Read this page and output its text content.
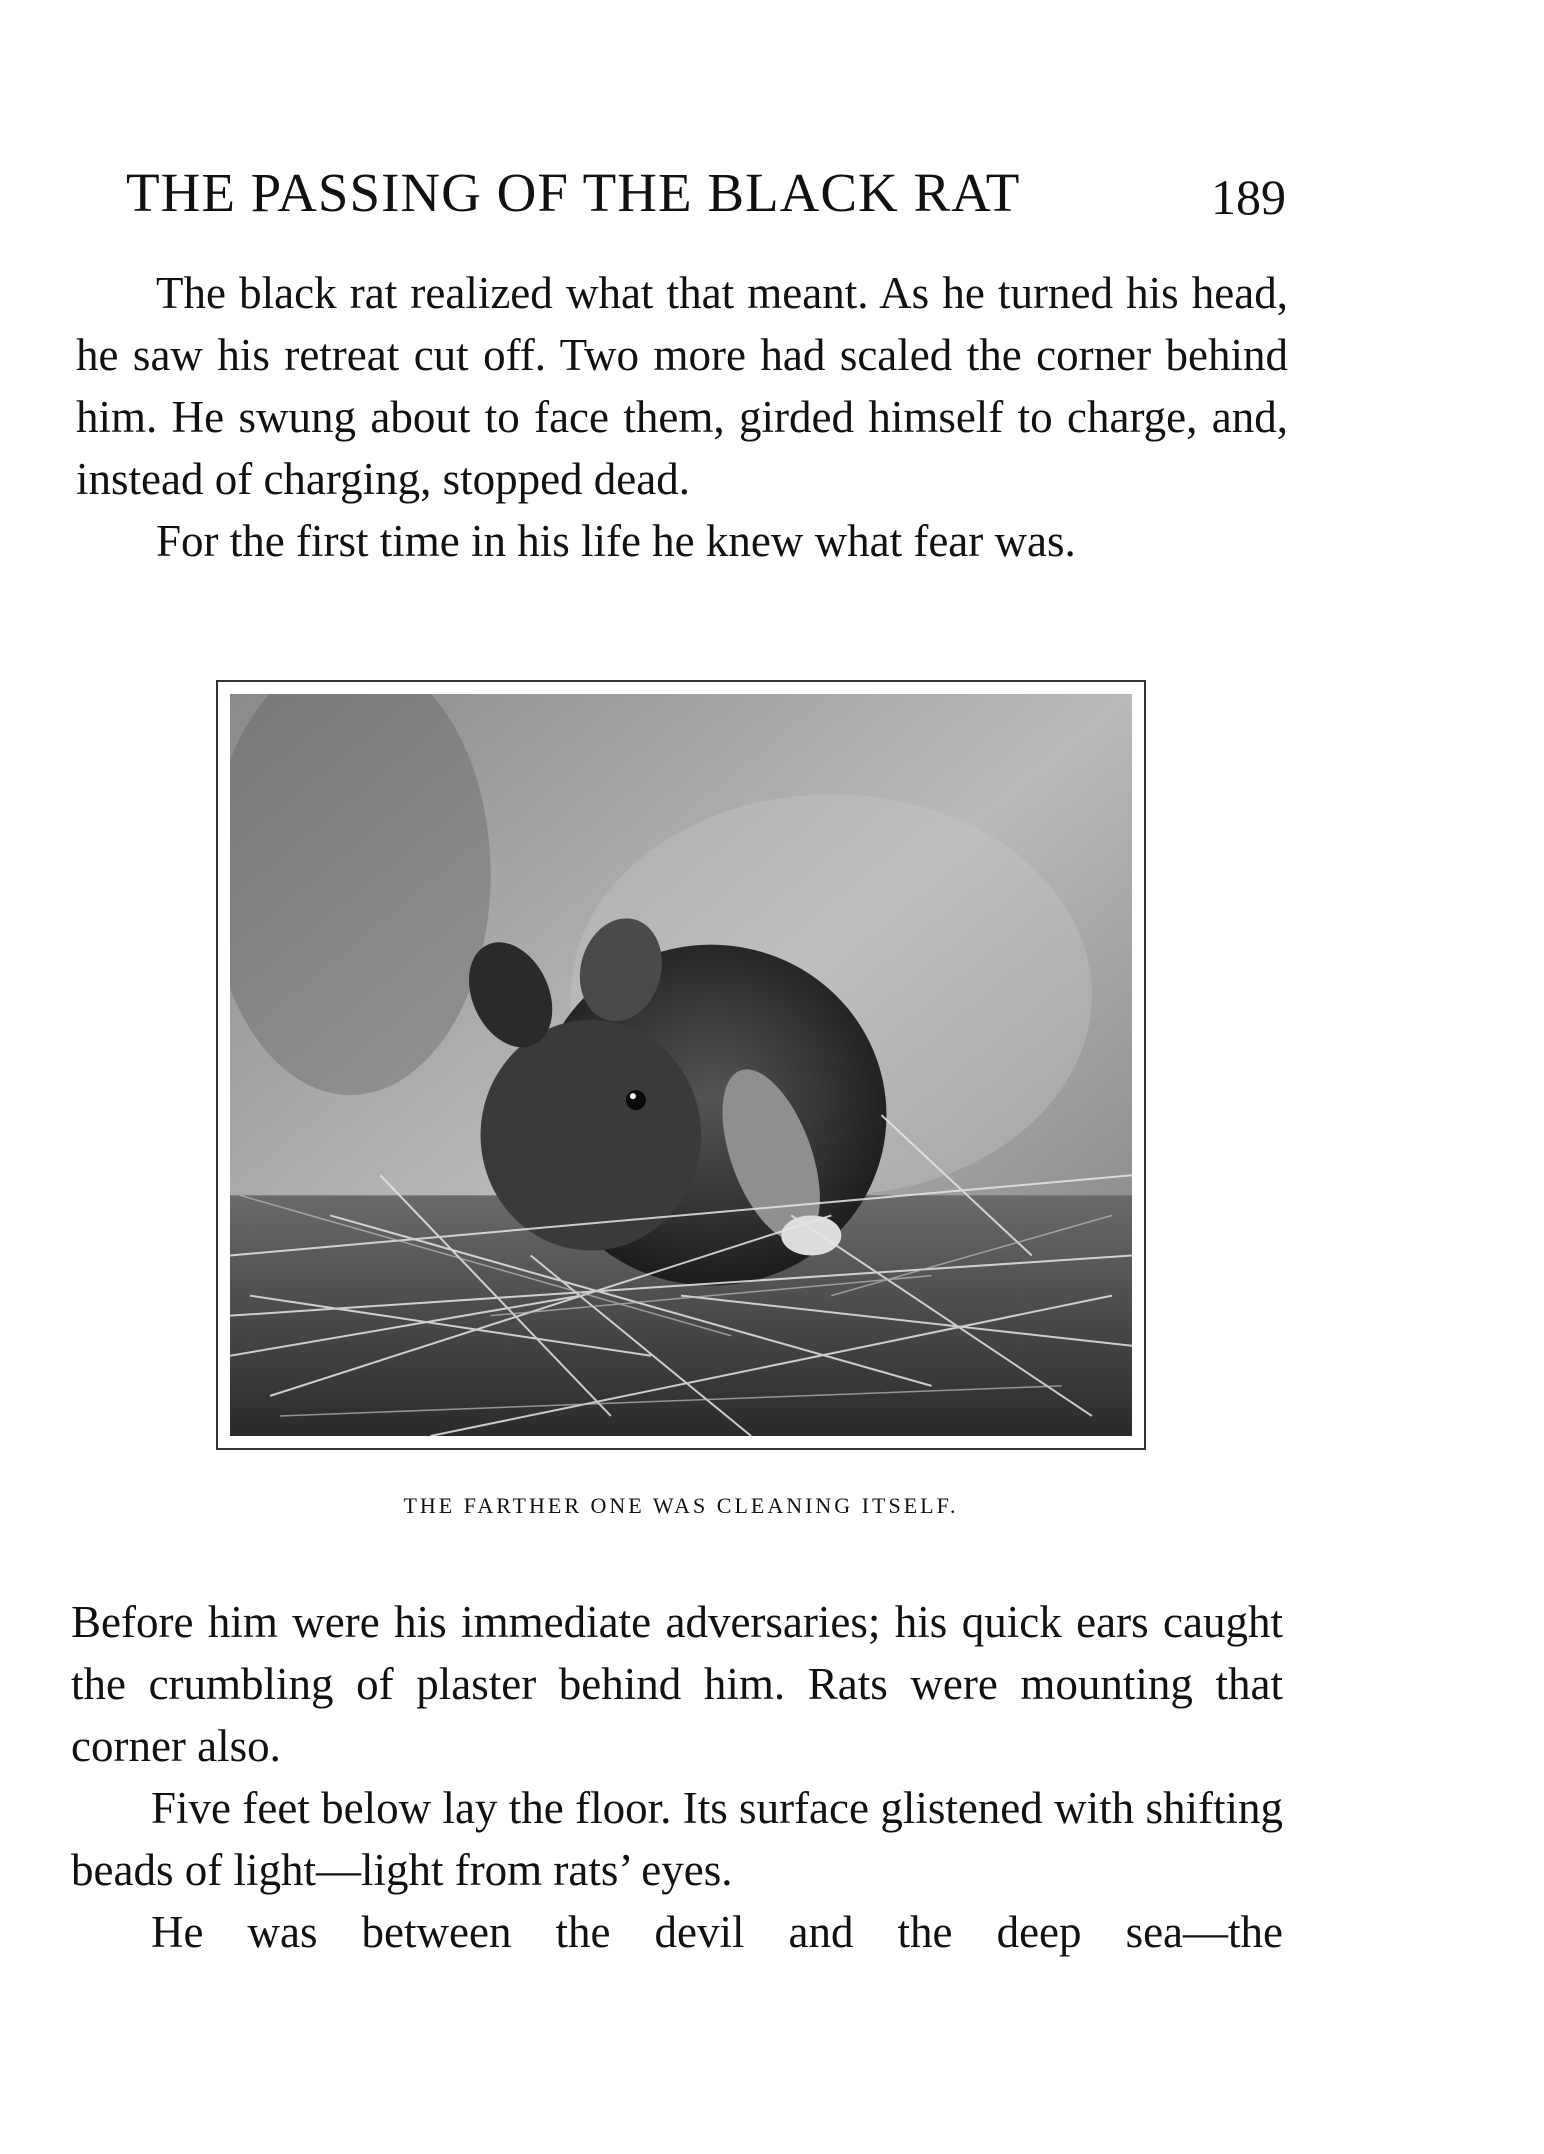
THE PASSING OF THE BLACK RAT	189

The black rat realized what that meant. As he turned his head, he saw his retreat cut off. Two more had scaled the corner behind him. He swung about to face them, girded himself to charge, and, instead of charging, stopped dead.

For the first time in his life he knew what fear was.

THE FARTHER ONE WAS CLEANING ITSELF.

Before him were his immediate adversaries; his quick ears caught the crumbling of plaster behind him. Rats were mounting that corner also.

Five feet below lay the floor. Its surface glistened with shifting beads of light—light from rats’ eyes.

He was between the devil and the deep sea—the
